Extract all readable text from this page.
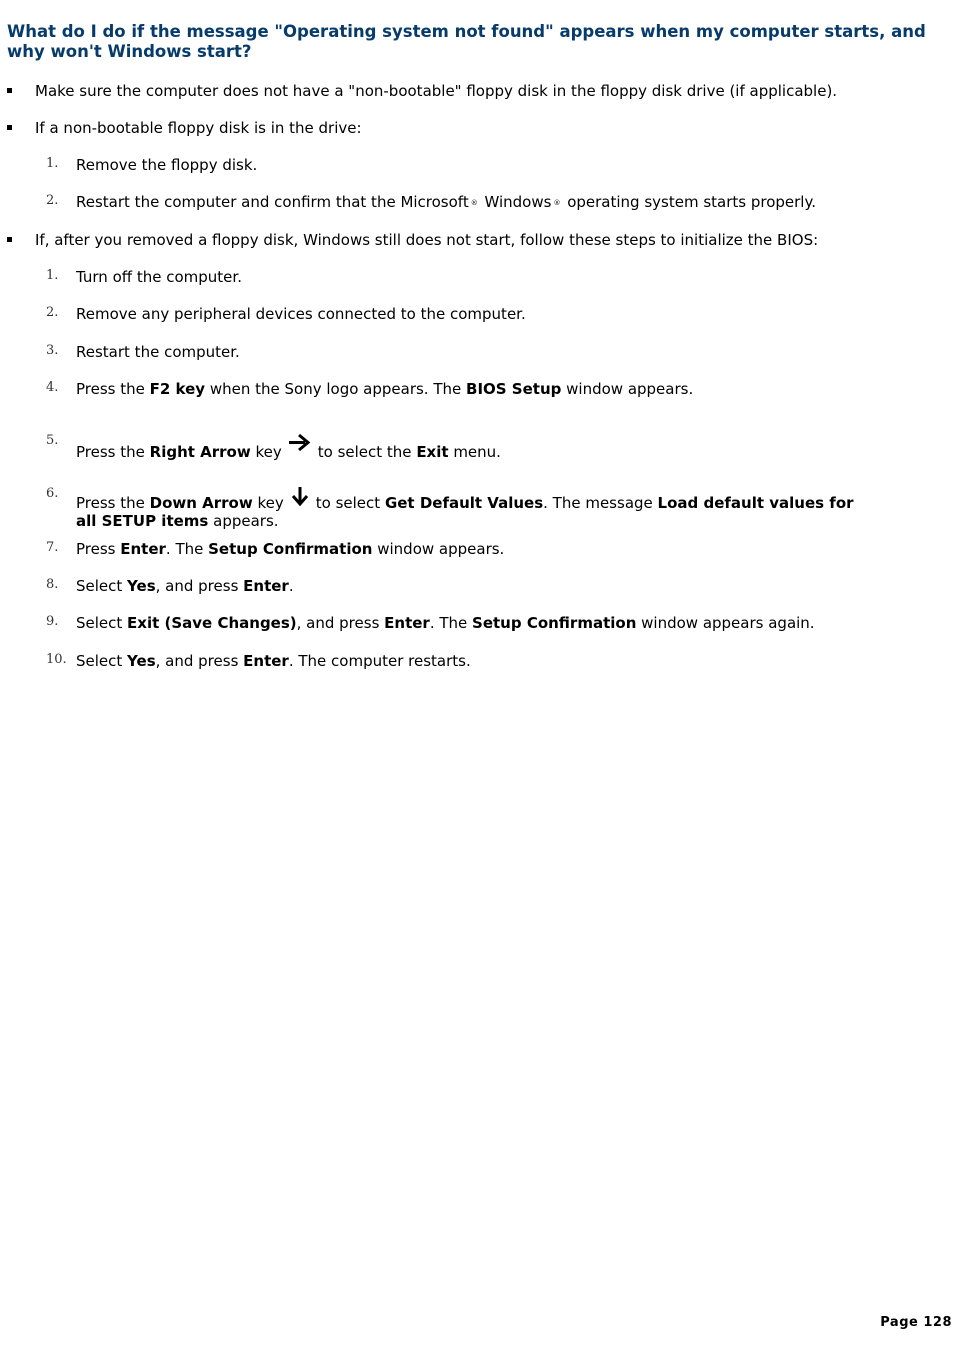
What do I do if the message "Operating system not found" appears when my computer starts, and why won't Windows start?
Make sure the computer does not have a "non-bootable" floppy disk in the floppy disk drive (if applicable).
If a non-bootable floppy disk is in the drive:
1. Remove the floppy disk.
2. Restart the computer and confirm that the Microsoft ® Windows ® operating system starts properly.
If, after you removed a floppy disk, Windows still does not start, follow these steps to initialize the BIOS:
1. Turn off the computer.
2. Remove any peripheral devices connected to the computer.
3. Restart the computer.
4. Press the F2 key when the Sony logo appears. The BIOS Setup window appears.
5.
Press the Right Arrow key to select the Exit menu.
6.
Press the Down Arrow key to select Get Default Values. The message Load default values for all SETUP items appears.
7. Press Enter. The Setup Confirmation window appears.
8. Select Yes, and press Enter.
9. Select Exit (Save Changes), and press Enter. The Setup Confirmation window appears again.
10. Select Yes, and press Enter. The computer restarts.
Page 128
